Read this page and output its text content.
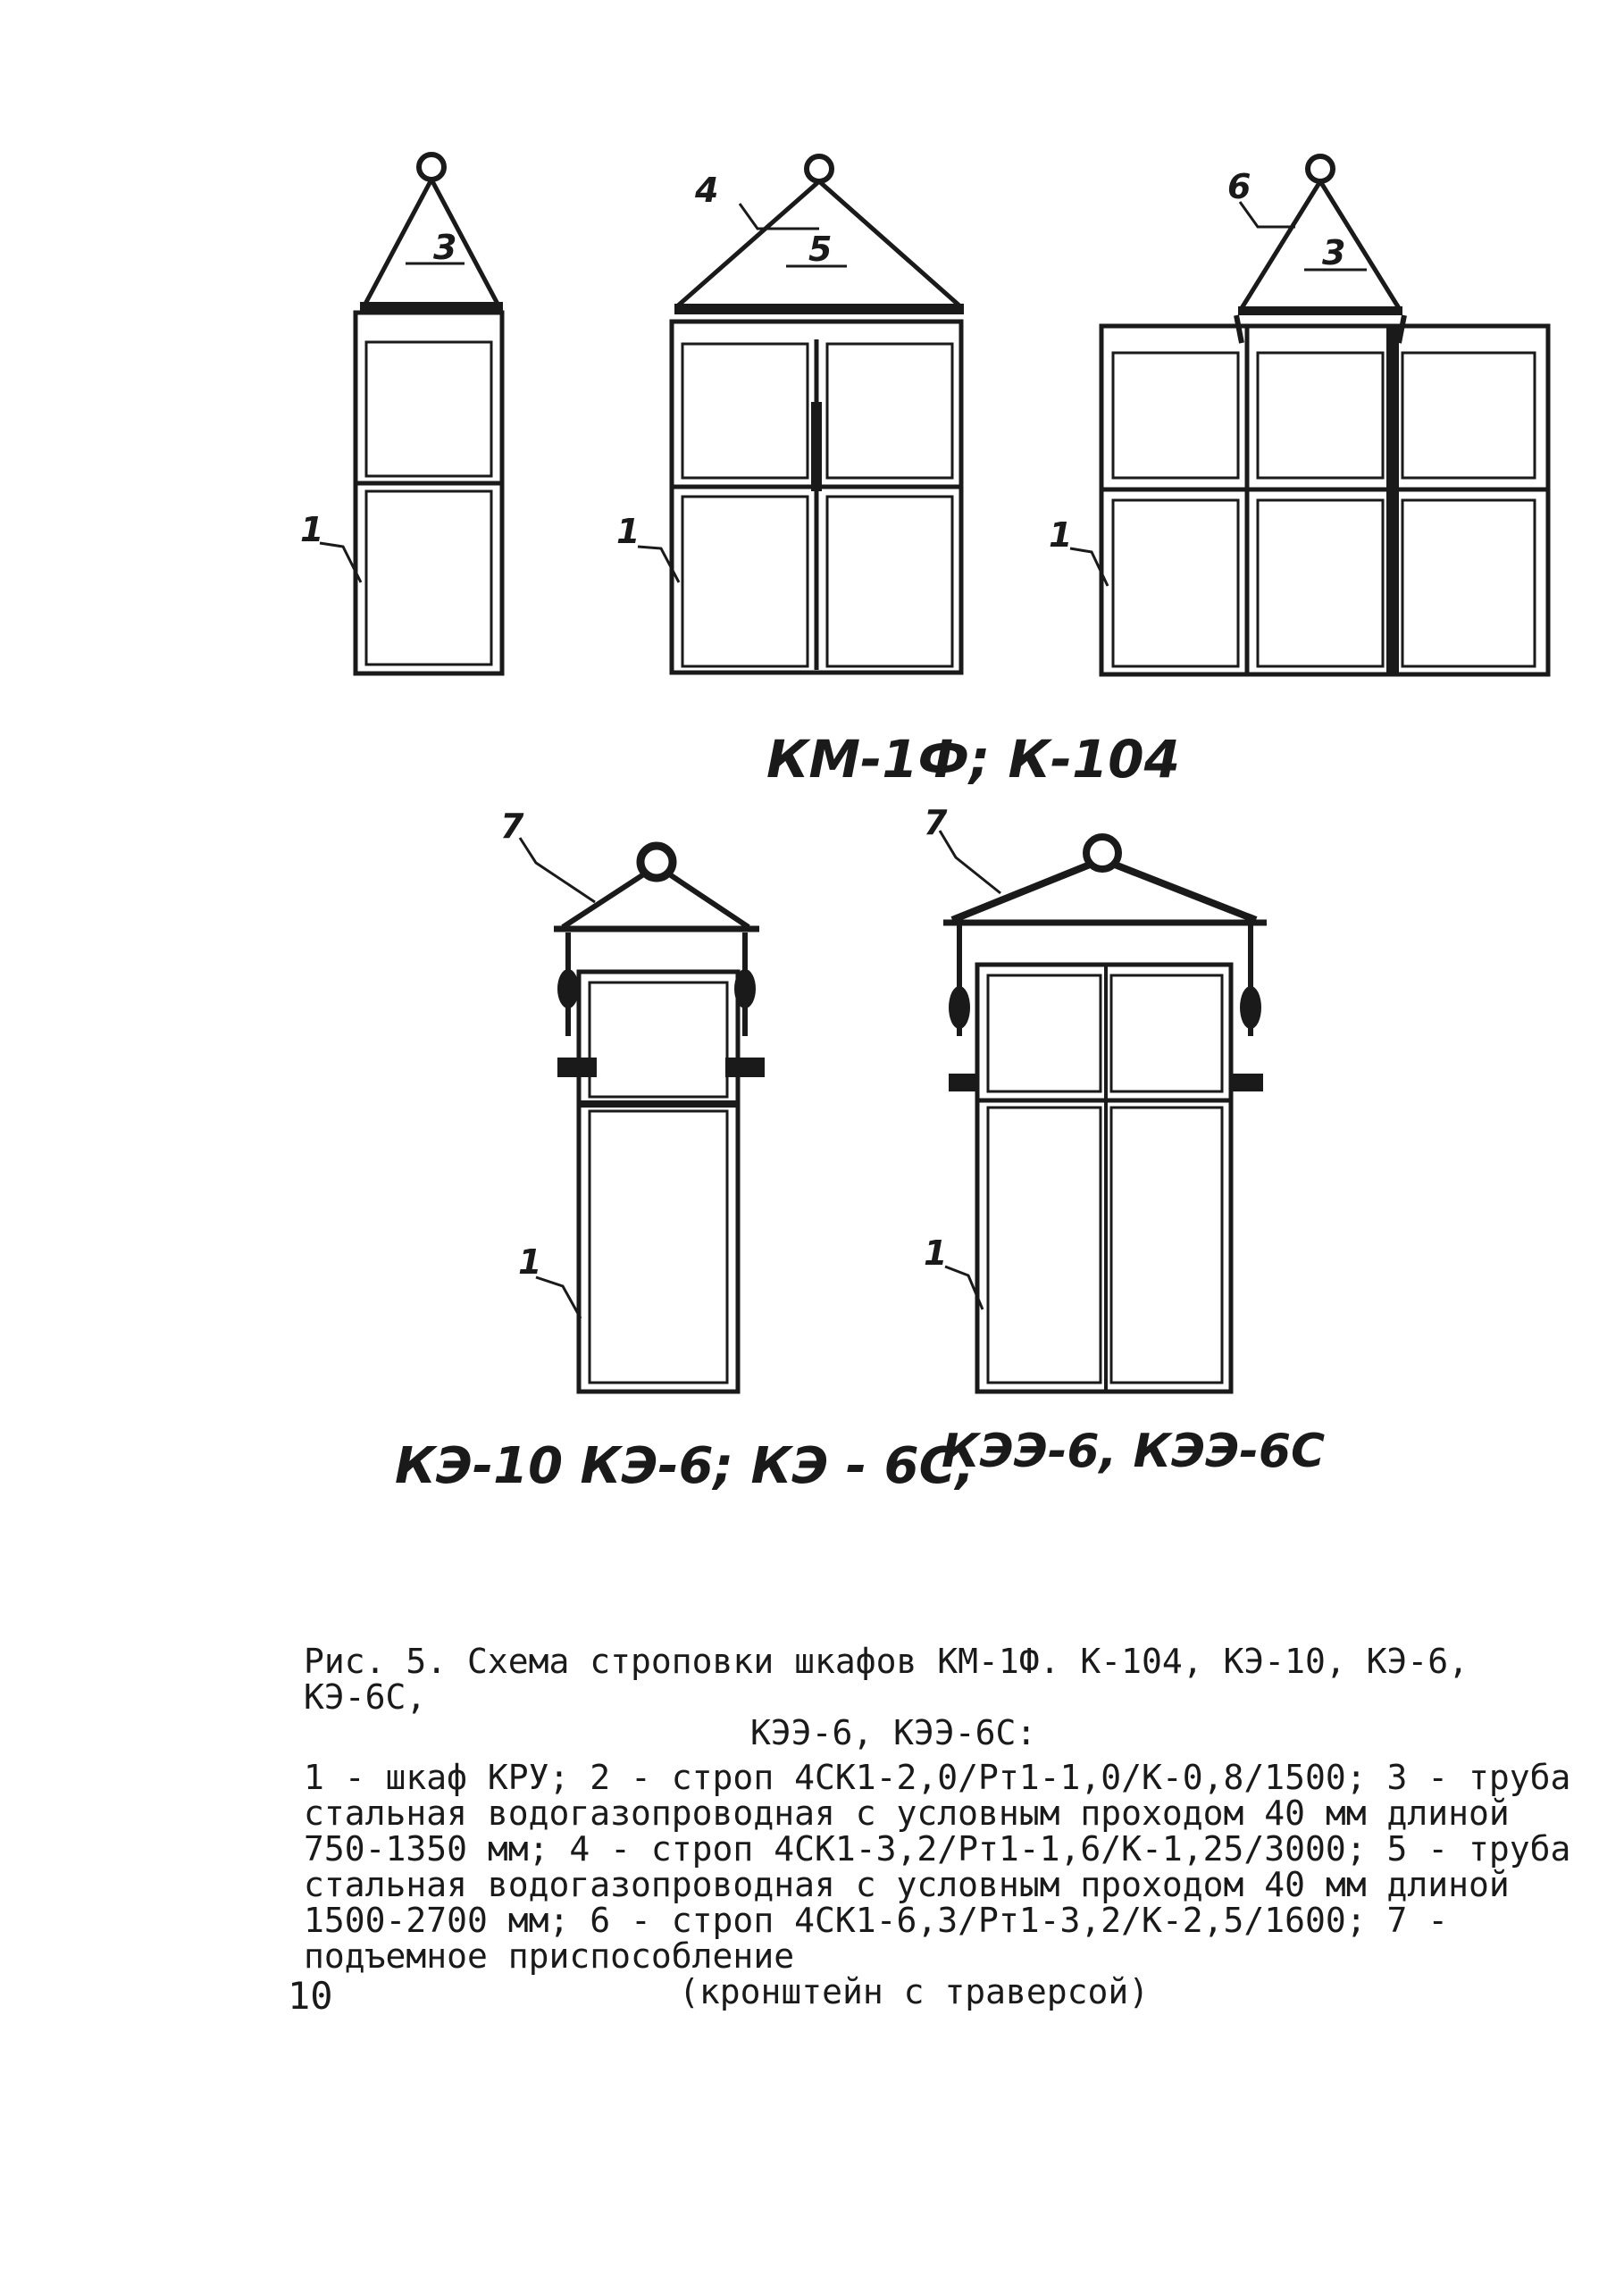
3
1
4
5
1
6
3
1
КМ-1Ф; К-104
7
1
7
1
КЭ-10 КЭ-6; КЭ - 6С,
КЭЭ-6, КЭЭ-6С

Рис. 5. Схема строповки шкафов КМ-1Ф. К-104, КЭ-10, КЭ-6, КЭ-6С,
КЭЭ-6, КЭЭ-6С:

1 - шкаф КРУ; 2 - строп 4СК1-2,0/Рт1-1,0/К-0,8/1500; 3 - труба стальная водогазопроводная с условным проходом 40 мм длиной 750-1350 мм; 4 - строп 4СК1-3,2/Рт1-1,6/К-1,25/3000; 5 - труба стальная водогазопроводная с условным проходом 40 мм длиной 1500-2700 мм; 6 - строп 4СК1-6,3/Рт1-3,2/К-2,5/1600; 7 - подъемное приспособление
(кронштейн с траверсой)

10
